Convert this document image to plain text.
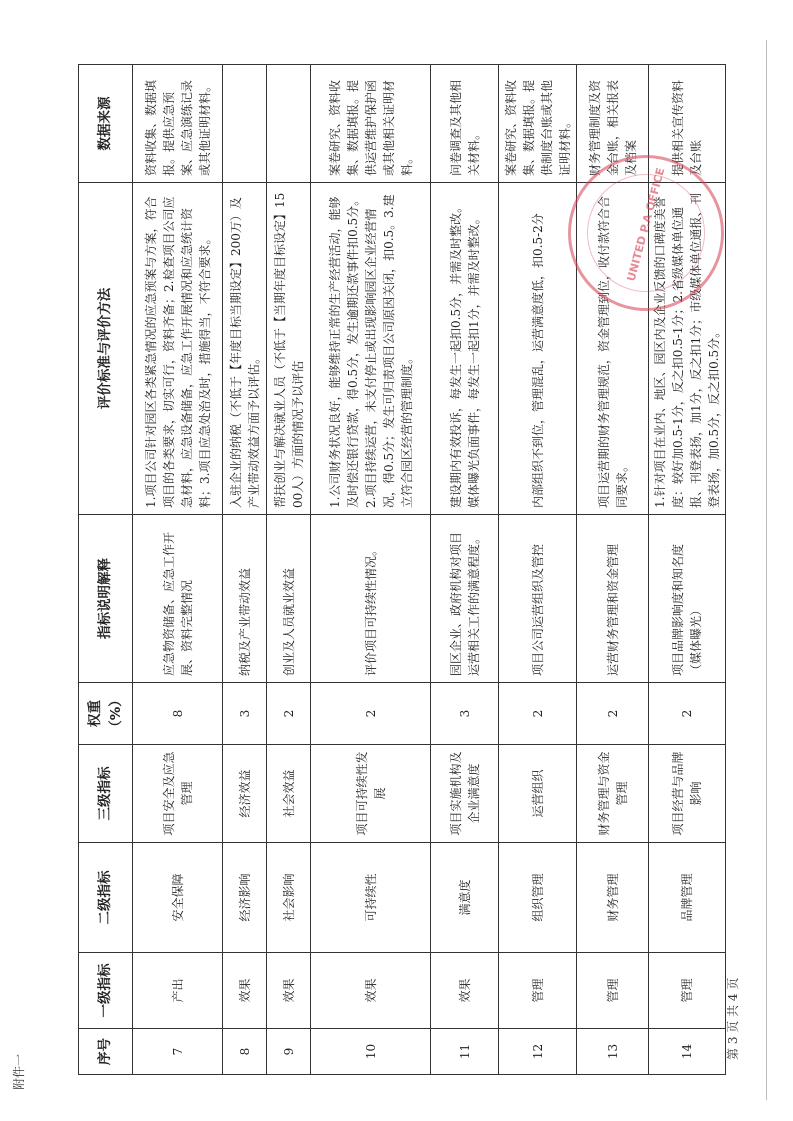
附件一
第 3 页 共 4 页
序号	一级指标	二级指标	三级指标	权重（%）	指标说明解释	评价标准与评价方法	数据来源
7	产出	安全保障	项目安全及应急管理	8	应急物资储备、应急工作开展、资料完整情况	1.项目公司针对园区各类紧急情况的应急预案与方案，符合项目的各类要求，切实可行，资料齐备；2.检查项目公司应急材料，应急设备储备，应急工作开展情况和应急统计资料；3.项目应急处治及时，措施得当，不符合要求。	资料收集、数据填报。提供应急预案、应急演练记录或其他证明材料。
8	效果	经济影响	经济效益	3	纳税及产业带动效益	入驻企业的纳税（不低于【年度目标当期设定】200万）及产业带动效益方面予以评估。	
9	效果	社会影响	社会效益	2	创业及人员就业效益	帮扶创业与解决就业人员（不低于【当期年度目标设定】1500人）方面的情况予以评估	
10	效果	可持续性	项目可持续性发展	2	评价项目可持续性情况。	1.公司财务状况良好，能够维持正常的生产经营活动，能够及时偿还银行贷款，得0.5分，发生逾期还款事件扣0.5分。2.项目持续运营，未支付停止或出现影响园区企业经营情况，得0.5分；发生可归责项目公司原因关闭，扣0.5。3.建立符合园区经营的管理制度。	案卷研究、资料收集、数据填报。提供运营维护保护函或其他相关证明材料。
11	效果	满意度	项目实施机构及企业满意度	3	园区企业、政府机构对项目运营相关工作的满意程度。	建设期内有效投诉，每发生一起扣0.5分，并需及时整改。媒体曝光负面事件，每发生一起扣1分，并需及时整改。	问卷调查及其他相关材料。
12	管理	组织管理	运营组织	2	项目公司运营组织及管控	内部组织不到位，管理混乱，运营满意度低，扣0.5-2分	案卷研究、资料收集、数据填报。提供制度台账或其他证明材料。
13	管理	财务管理	财务管理与资金管理	2	运营财务管理和资金管理	项目运营期的财务管理规范，资金管理到位，收付款符合合同要求。	财务管理制度及资金台账，相关报表及档案
14	管理	品牌管理	项目经营与品牌影响	2	项目品牌影响度和知名度（媒体曝光）	1.针对项目在业内、地区、园区内及企业反馈的口碑度美誉度：较好加0.5-1分，反之扣0.5-1分；2.省级媒体单位通报、刊登表扬，加1分，反之扣1分；市级媒体单位通报、刊登表扬，加0.5分，反之扣0.5分。	提供相关宣传资料及台账
UNITED P.A OFFICE
